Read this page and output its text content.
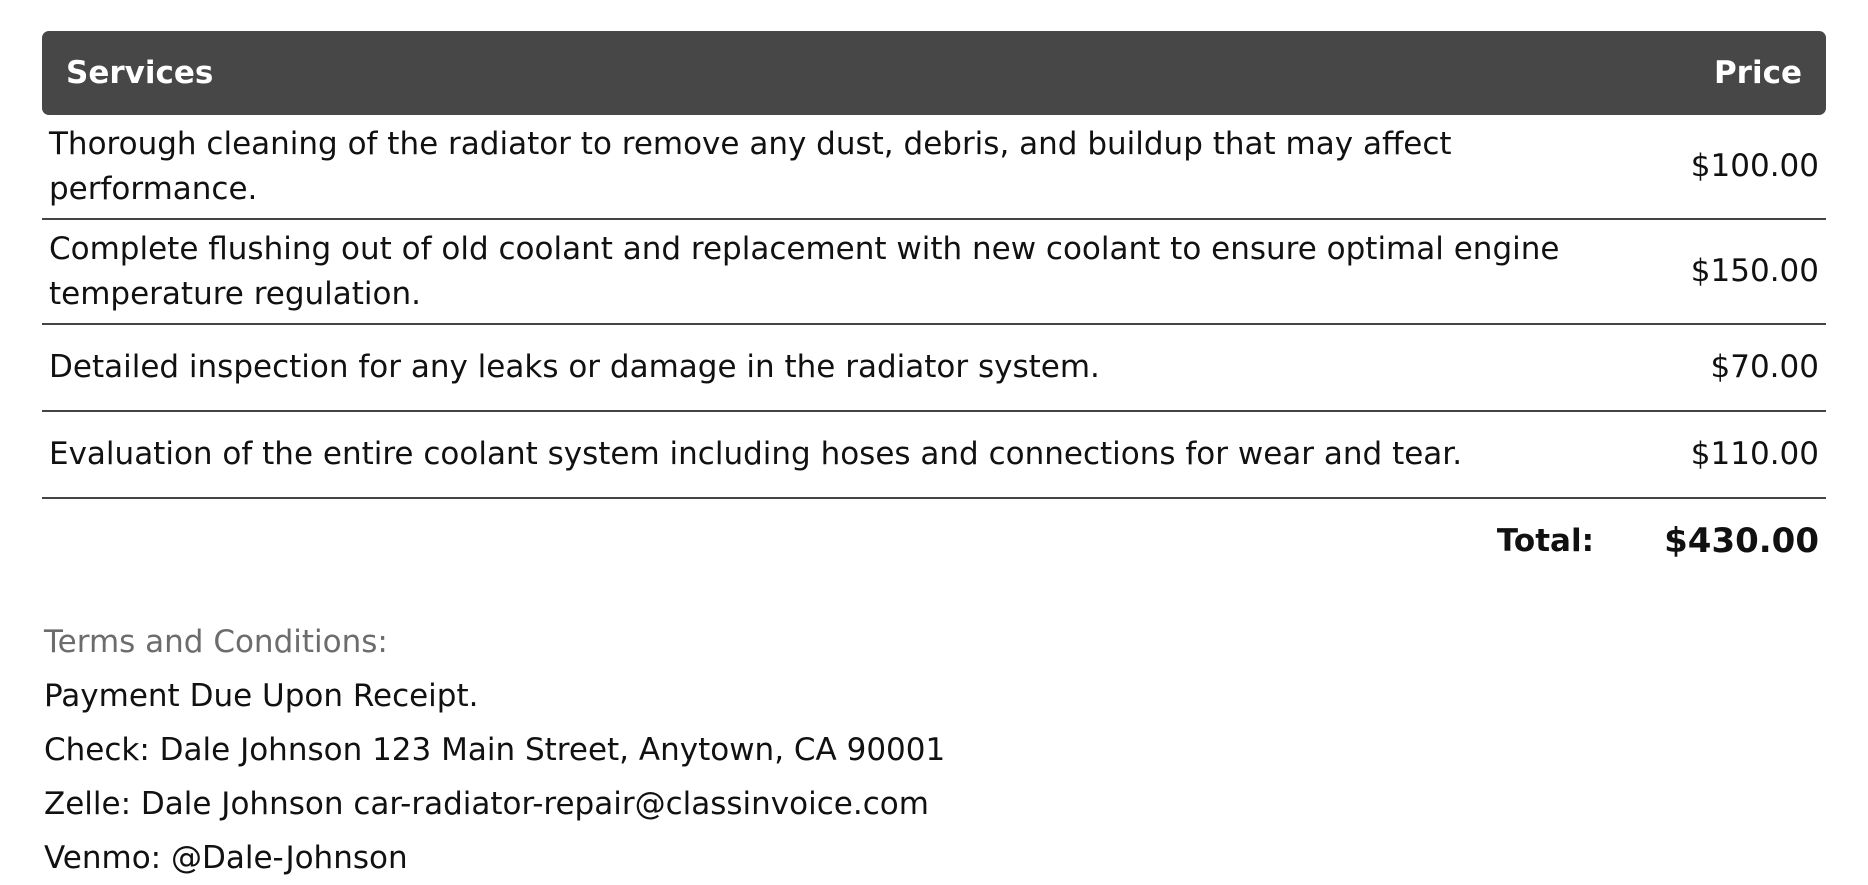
Services	Price
Thorough cleaning of the radiator to remove any dust, debris, and buildup that may affect performance.	$100.00
Complete flushing out of old coolant and replacement with new coolant to ensure optimal engine temperature regulation.	$150.00
Detailed inspection for any leaks or damage in the radiator system.	$70.00
Evaluation of the entire coolant system including hoses and connections for wear and tear.	$110.00
Total:	$430.00
Terms and Conditions:
Payment Due Upon Receipt.
Check: Dale Johnson 123 Main Street, Anytown, CA 90001
Zelle: Dale Johnson car-radiator-repair@classinvoice.com
Venmo: @Dale-Johnson
